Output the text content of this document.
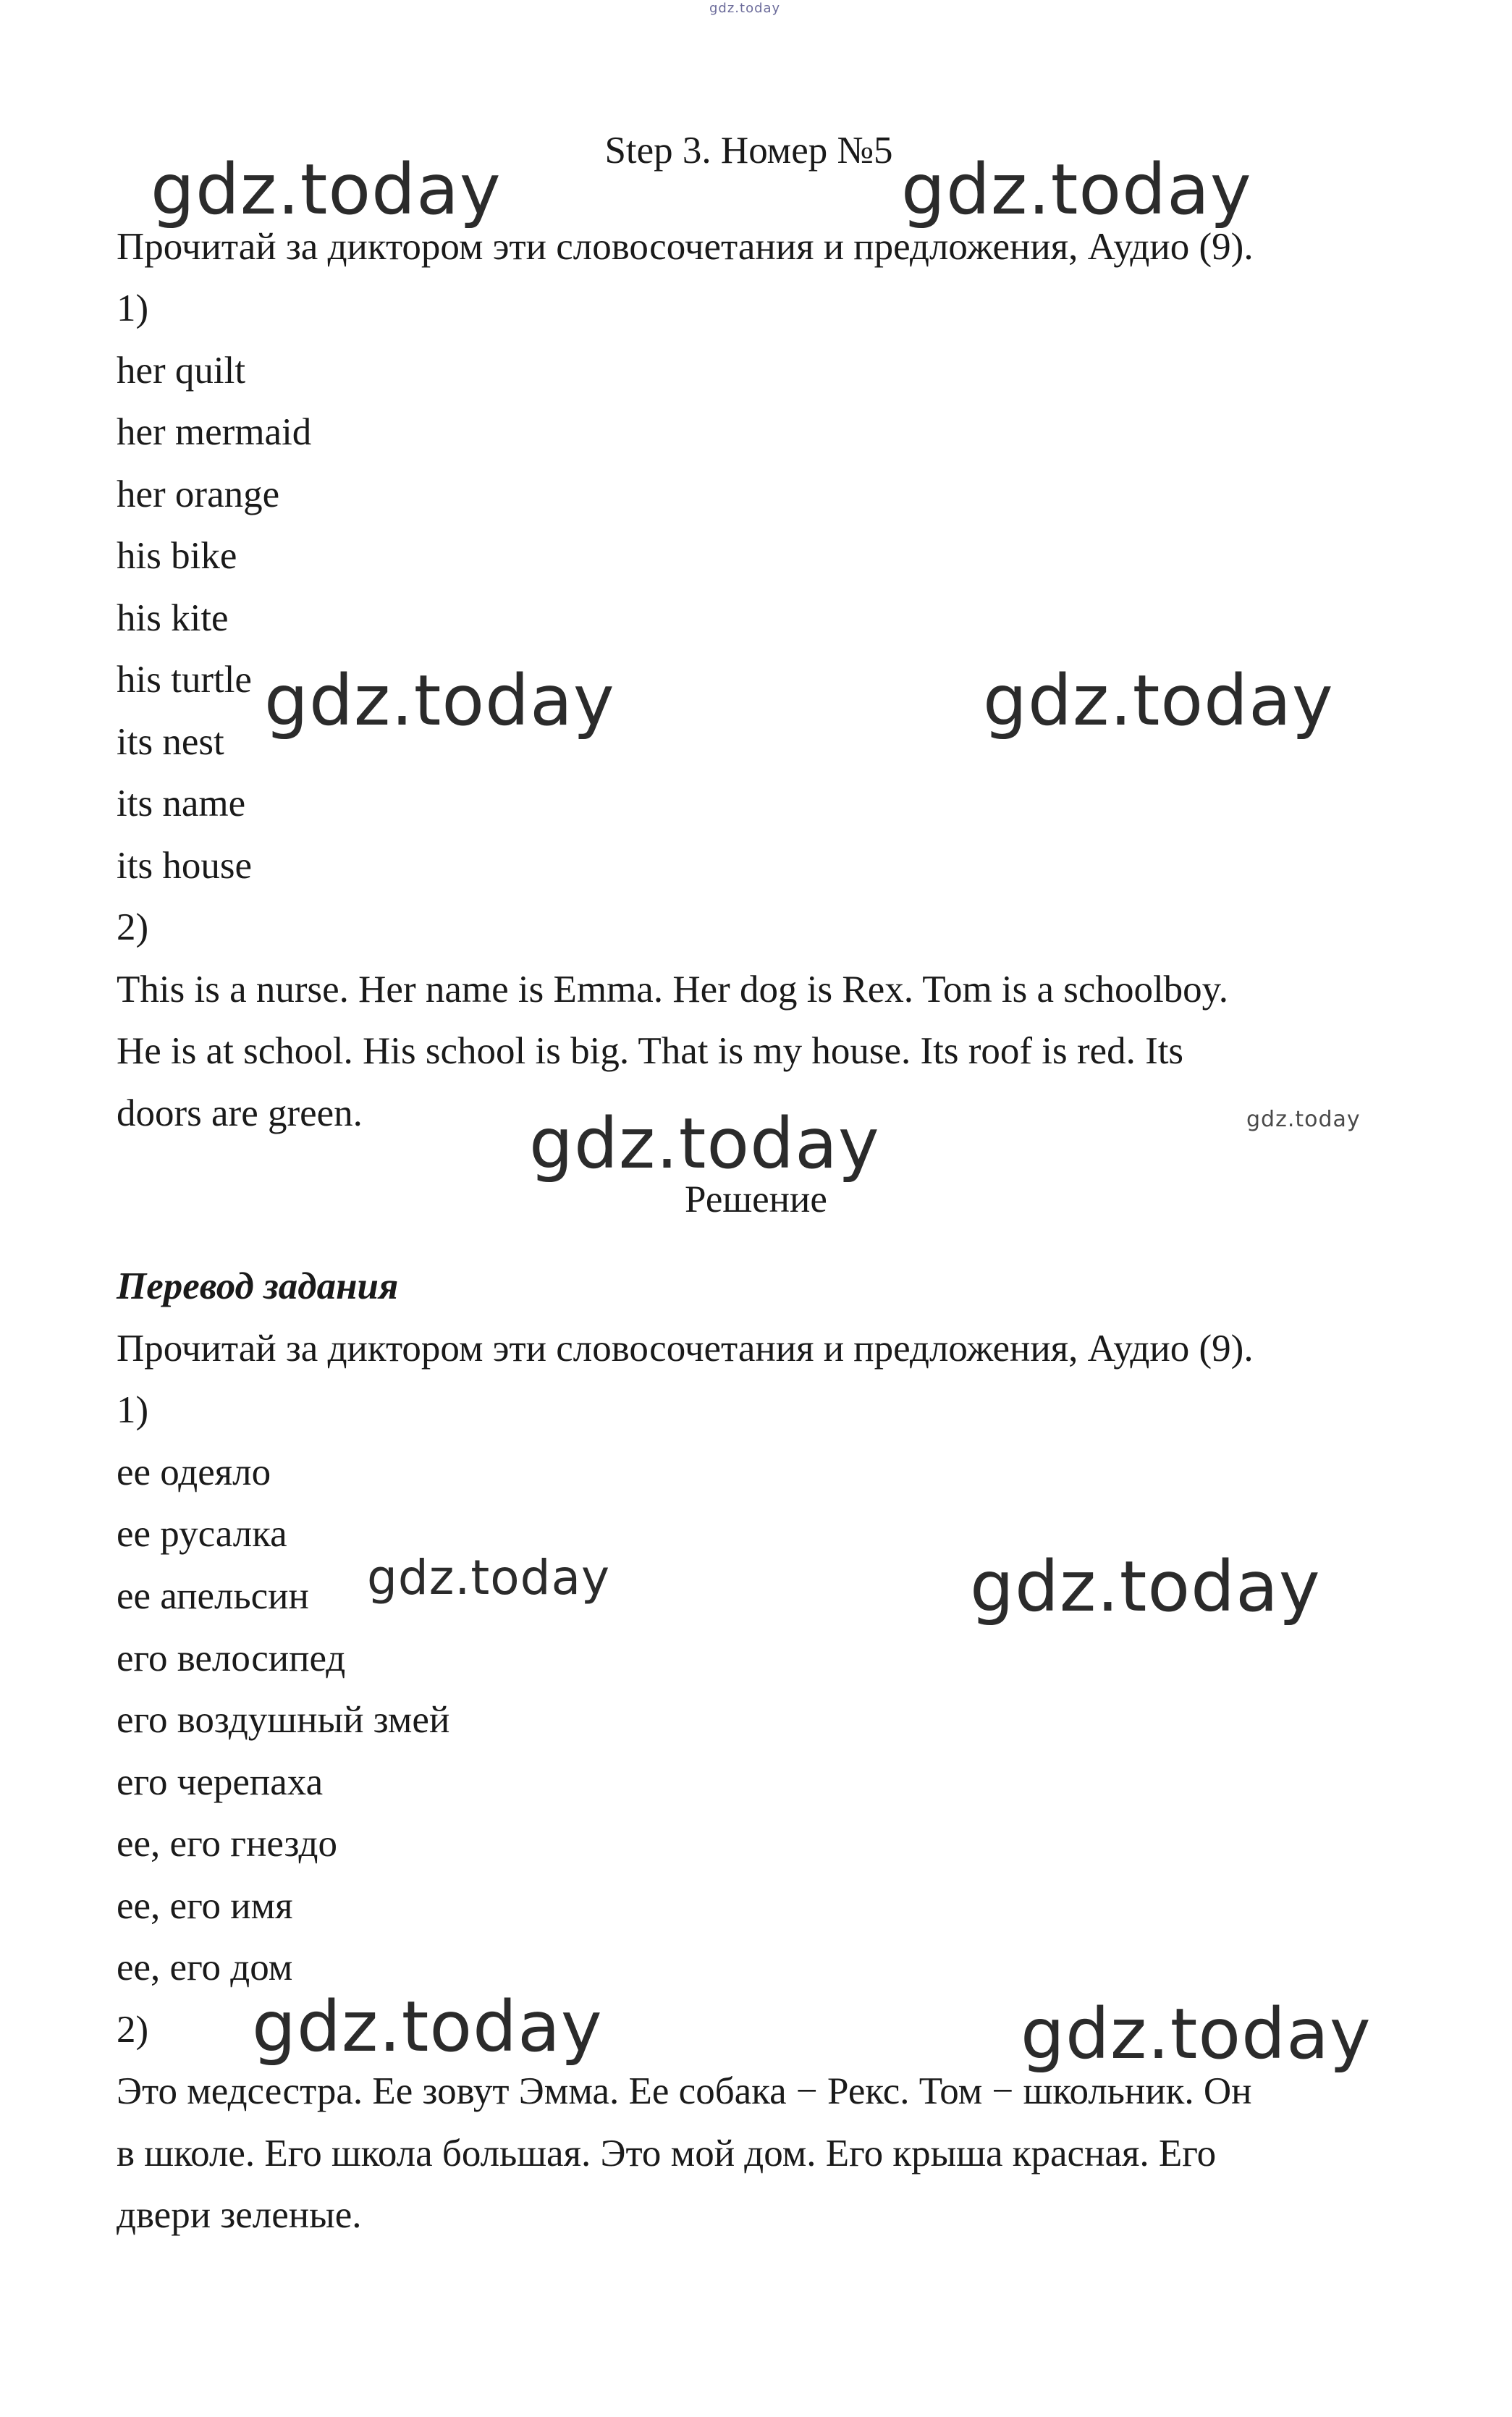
gdz.today
Step 3. Номер №5
gdz.today	gdz.today
gdz.today	gdz.today
gdz.today	gdz.today
gdz.today	gdz.today
gdz.today	gdz.today
Прочитай за диктором эти словосочетания и предложения, Аудио (9).
1)
her quilt
her mermaid
her orange
his bike
his kite
his turtle
its nest
its name
its house
2)
This is a nurse. Her name is Emma. Her dog is Rex. Tom is a schoolboy.
He is at school. His school is big. That is my house. Its roof is red. Its
doors are green.
Решение
Перевод задания
Прочитай за диктором эти словосочетания и предложения, Аудио (9).
1)
ее одеяло
ее русалка
ее апельсин
его велосипед
его воздушный змей
его черепаха
ее, его гнездо
ее, его имя
ее, его дом
2)
Это медсестра. Ее зовут Эмма. Ее собака − Рекс. Том − школьник. Он
в школе. Его школа большая. Это мой дом. Его крыша красная. Его
двери зеленые.
